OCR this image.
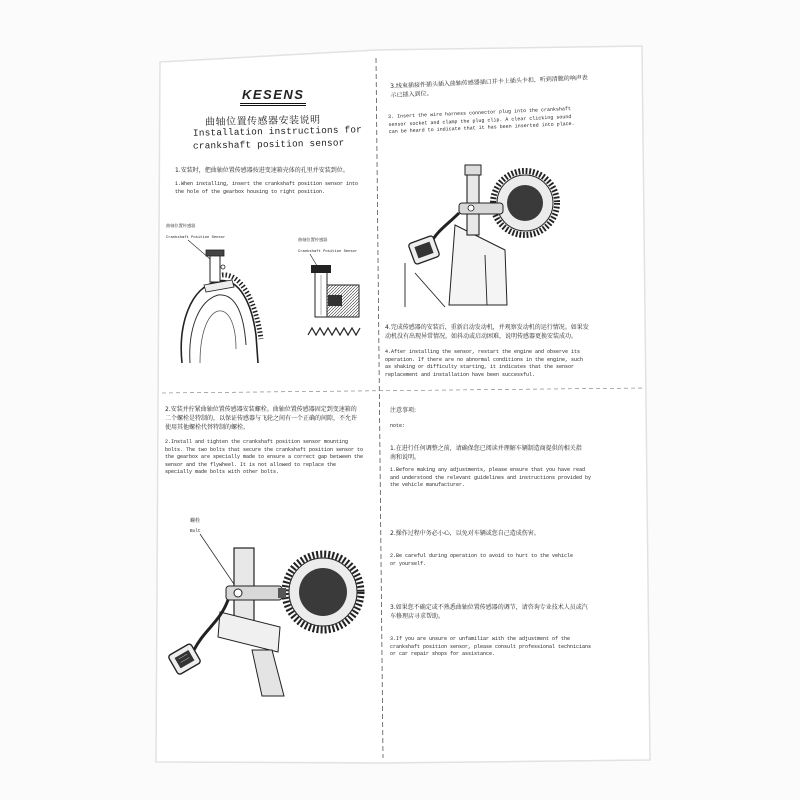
KESENS
曲轴位置传感器安装说明
Installation instructions for
crankshaft position sensor
1.安装时，把曲轴位置传感器按进变速箱壳体的孔里并安装到位。
1.When installing, insert the crankshaft position sensor into the hole of the gearbox housing to right position.
曲轴位置传感器
Crankshaft Position Sensor	曲轴位置传感器
Crankshaft Position Sensor
2.安装并拧紧曲轴位置传感器安装螺栓。曲轴位置传感器固定到变速箱的二个螺栓是特制的，以保证传感器与飞轮之间有一个正确的间隙，不允许使用其他螺栓代替特制的螺栓。
2.Install and tighten the crankshaft position sensor mounting bolts. The two bolts that secure the crankshaft position sensor to the gearbox are specially made to ensure a correct gap between the sensor and the flywheel. It is not allowed to replace the specially made bolts with other bolts.
螺栓
Bolt
3.线束插接件插头插入曲轴传感器插口并卡上插头卡扣，听到清脆的响声表示已插入到位。
3. Insert the wire harness connector plug into the crankshaft sensor socket and clamp the plug clip. A clear clicking sound can be heard to indicate that it has been inserted into place.
4.完成传感器的安装后，重新启动发动机，并观察发动机的运行情况。如果发动机没有出现异常情况，如抖动或启动困难，说明传感器更换安装成功。
4.After installing the sensor, restart the engine and observe its operation. If there are no abnormal conditions in the engine, such as shaking or difficulty starting, it indicates that the sensor replacement and installation have been successful.
注意事项:
note:
1.在进行任何调整之前，请确保您已阅读并理解车辆制造商提供的相关指南和说明。
1.Before making any adjustments, please ensure that you have read and understood the relevant guidelines and instructions provided by the vehicle manufacturer.
2.操作过程中务必小心，以免对车辆或您自己造成伤害。
2.Be careful during operation to avoid to hurt to the vehicle or yourself.
3.如果您不确定或不熟悉曲轴位置传感器的调节，请咨询专业技术人员或汽车修理店寻求帮助。
3.If you are unsure or unfamiliar with the adjustment of the crankshaft position sensor, please consult professional technicians or car repair shops for assistance.
